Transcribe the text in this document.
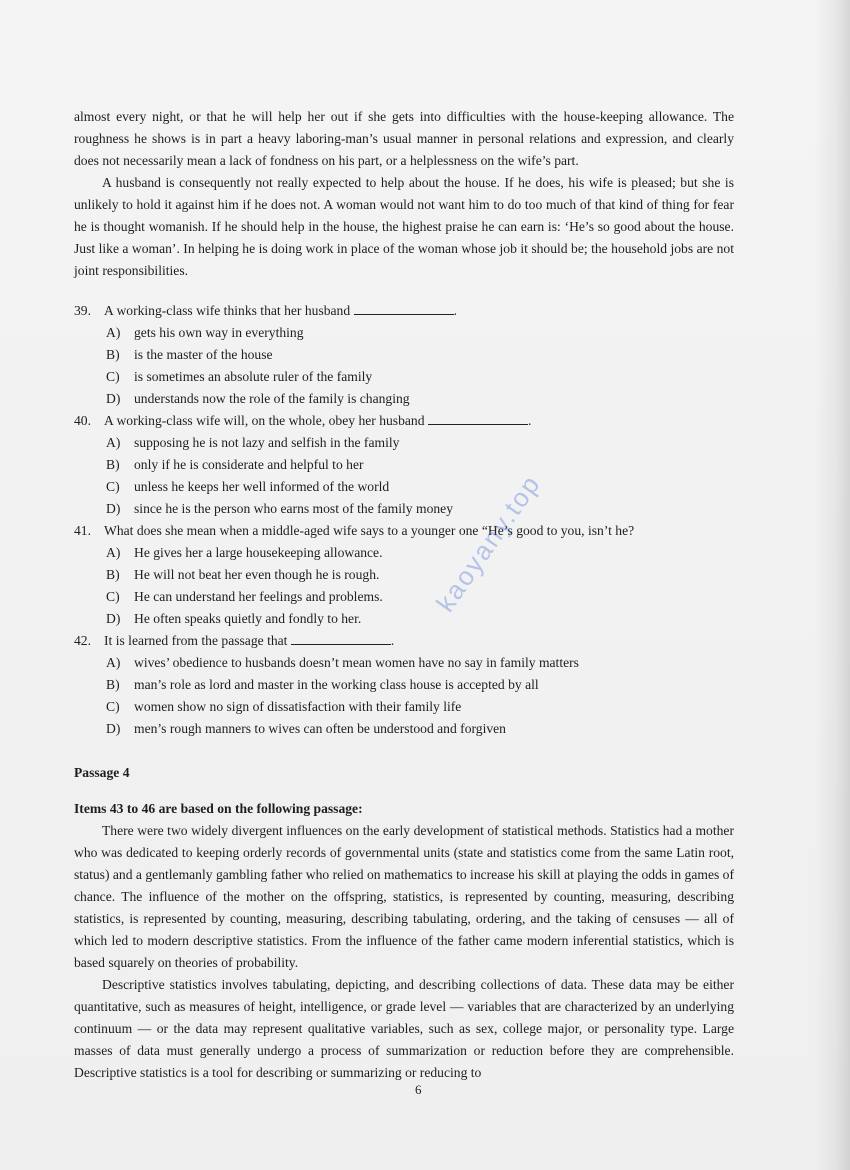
almost every night, or that he will help her out if she gets into difficulties with the house-keeping allowance. The roughness he shows is in part a heavy laboring-man’s usual manner in personal relations and expression, and clearly does not necessarily mean a lack of fondness on his part, or a helplessness on the wife’s part.

A husband is consequently not really expected to help about the house. If he does, his wife is pleased; but she is unlikely to hold it against him if he does not. A woman would not want him to do too much of that kind of thing for fear he is thought womanish. If he should help in the house, the highest praise he can earn is: ‘He’s so good about the house. Just like a woman’. In helping he is doing work in place of the woman whose job it should be; the household jobs are not joint responsibilities.

39. A working-class wife thinks that her husband	.

A) gets his own way in everything

B) is the master of the house

C) is sometimes an absolute ruler of the family

D) understands now the role of the family is changing

40. A working-class wife will, on the whole, obey her husband	.

A) supposing he is not lazy and selfish in the family

B) only if he is considerate and helpful to her

C) unless he keeps her well informed of the world

D) since he is the person who earns most of the family money

41. What does she mean when a middle-aged wife says to a younger one “He’s good to you, isn’t he?

A) He gives her a large housekeeping allowance.

B) He will not beat her even though he is rough.

C) He can understand her feelings and problems.

D) He often speaks quietly and fondly to her.

42. It is learned from the passage that	.

A) wives’ obedience to husbands doesn’t mean women have no say in family matters

B) man’s role as lord and master in the working class house is accepted by all

C) women show no sign of dissatisfaction with their family life

D) men’s rough manners to wives can often be understood and forgiven

Passage 4

Items 43 to 46 are based on the following passage:

There were two widely divergent influences on the early development of statistical methods. Statistics had a mother who was dedicated to keeping orderly records of governmental units (state and statistics come from the same Latin root, status) and a gentlemanly gambling father who relied on mathematics to increase his skill at playing the odds in games of chance. The influence of the mother on the offspring, statistics, is represented by counting, measuring, describing statistics, is represented by counting, measuring, describing tabulating, ordering, and the taking of censuses — all of which led to modern descriptive statistics. From the influence of the father came modern inferential statistics, which is based squarely on theories of probability.

Descriptive statistics involves tabulating, depicting, and describing collections of data. These data may be either quantitative, such as measures of height, intelligence, or grade level — variables that are characterized by an underlying continuum — or the data may represent qualitative variables, such as sex, college major, or personality type. Large masses of data must generally undergo a process of summarization or reduction before they are comprehensible. Descriptive statistics is a tool for describing or summarizing or reducing to

kaoyany.top
6
